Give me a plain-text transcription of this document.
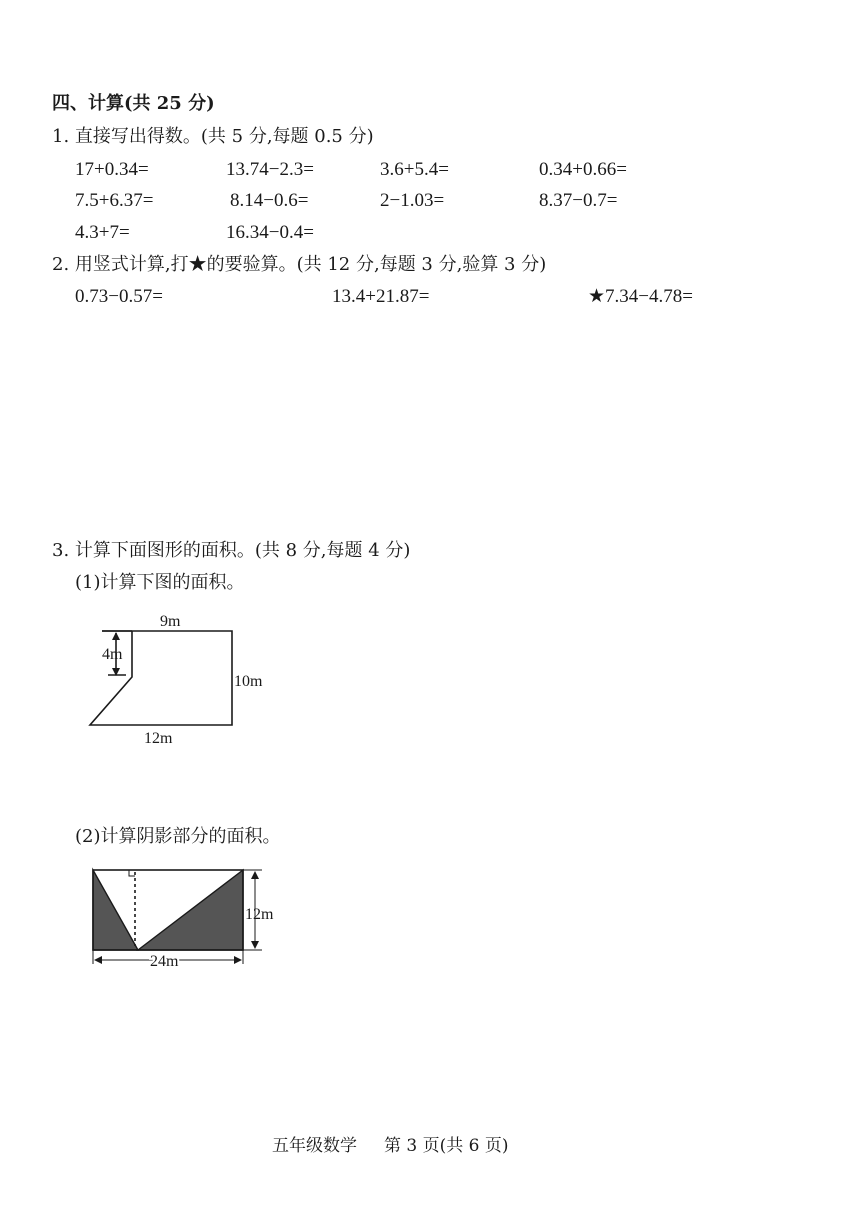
四、计算(共 25 分)
1. 直接写出得数。(共 5 分,每题 0.5 分)
17+0.34=	13.74−2.3=	3.6+5.4=	0.34+0.66=
7.5+6.37=	8.14−0.6=	2−1.03=	8.37−0.7=
4.3+7=	16.34−0.4=
2. 用竖式计算,打★的要验算。(共 12 分,每题 3 分,验算 3 分)
0.73−0.57=	13.4+21.87=	★7.34−4.78=
3. 计算下面图形的面积。(共 8 分,每题 4 分)
(1)计算下图的面积。
9m
4m
10m
12m
(2)计算阴影部分的面积。
12m
24m
五年级数学 第 3 页(共 6 页)
